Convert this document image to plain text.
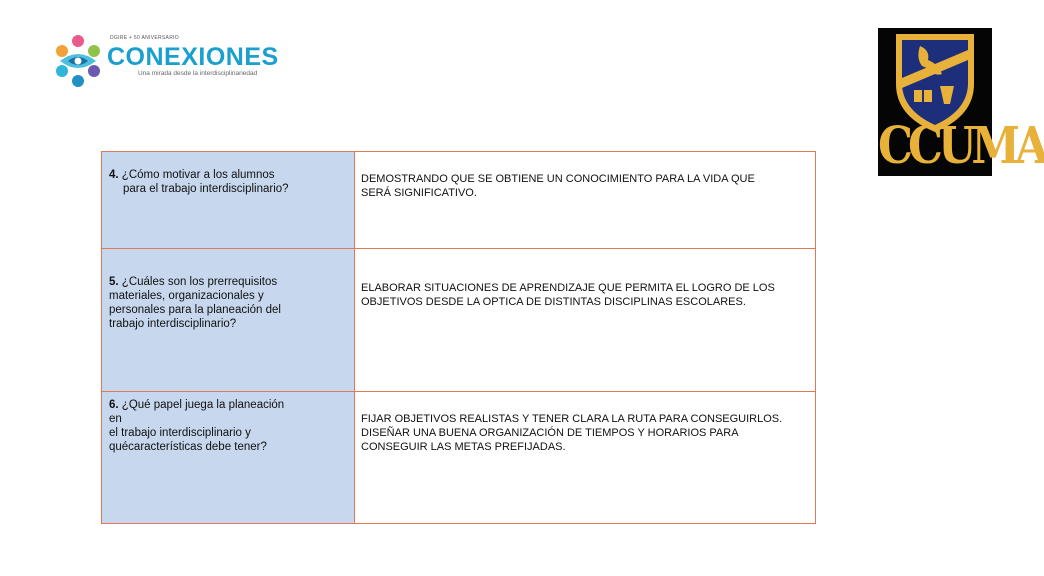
DGIRE + 50 ANIVERSARIO
CONEXIONES
Una mirada desde la interdisciplinariedad
CCUMA
4. ¿Cómo motivar a los alumnos
para el trabajo interdisciplinario?	DEMOSTRANDO QUE SE OBTIENE UN CONOCIMIENTO PARA LA VIDA QUE
SERÁ SIGNIFICATIVO.

5. ¿Cuáles son los prerrequisitos
materiales, organizacionales y
personales para la planeación del
trabajo interdisciplinario?	ELABORAR SITUACIONES DE APRENDIZAJE QUE PERMITA EL LOGRO DE LOS
OBJETIVOS DESDE LA OPTICA DE DISTINTAS DISCIPLINAS ESCOLARES.

6. ¿Qué papel juega la planeación
en
el trabajo interdisciplinario y
quécaracterísticas debe tener?	FIJAR OBJETIVOS REALISTAS Y TENER CLARA LA RUTA PARA CONSEGUIRLOS.
DISEÑAR UNA BUENA ORGANIZACIÓN DE TIEMPOS Y HORARIOS PARA
CONSEGUIR LAS METAS PREFIJADAS.
